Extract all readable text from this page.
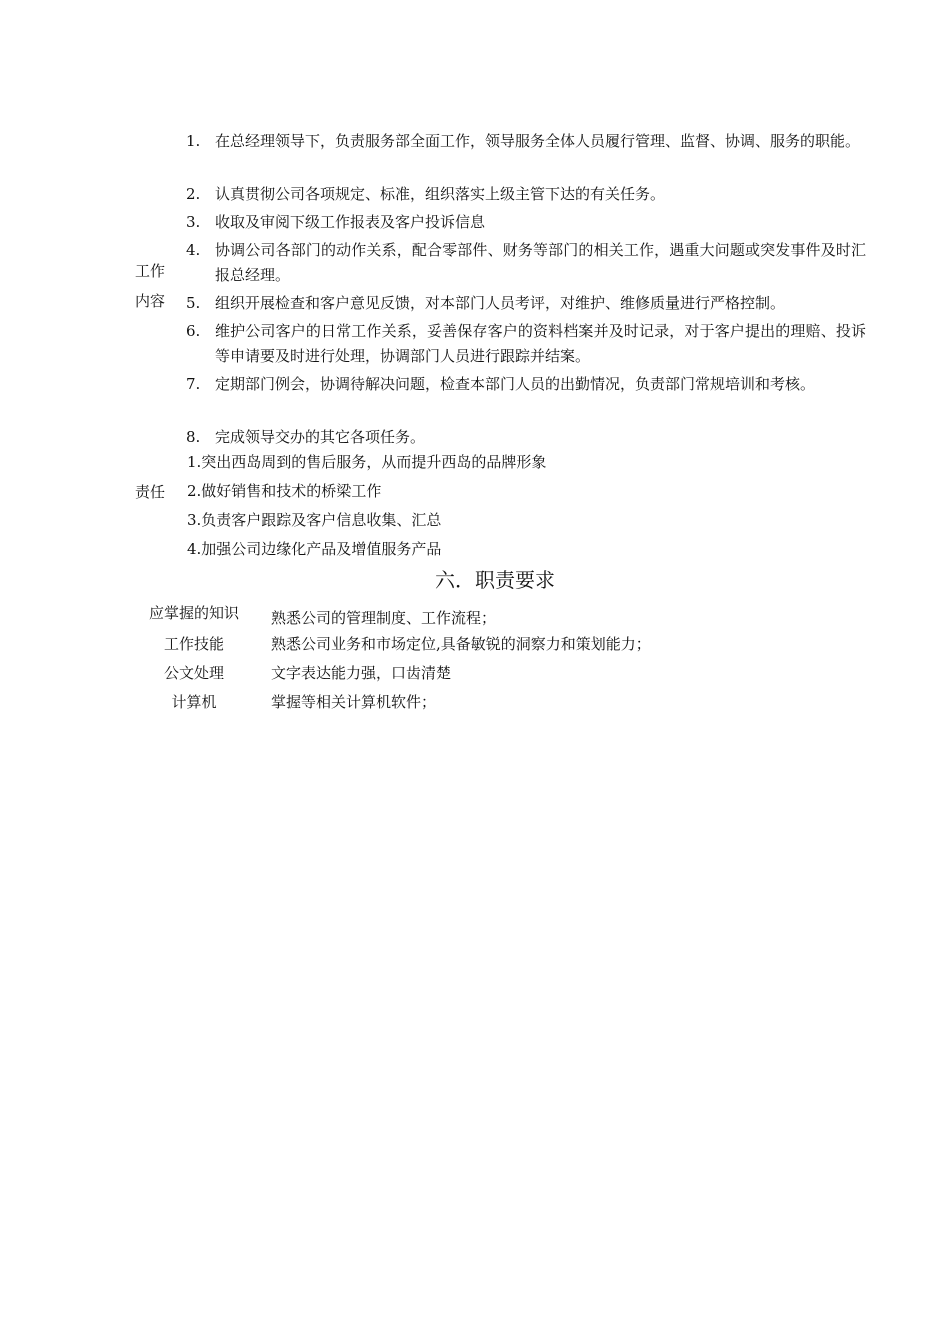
工作
内容
1. 在总经理领导下，负责服务部全面工作，领导服务全体人员履行管理、监督、协调、服务的职能。
2. 认真贯彻公司各项规定、标准，组织落实上级主管下达的有关任务。
3. 收取及审阅下级工作报表及客户投诉信息
4. 协调公司各部门的动作关系，配合零部件、财务等部门的相关工作，遇重大问题或突发事件及时汇报总经理。
5. 组织开展检查和客户意见反馈，对本部门人员考评，对维护、维修质量进行严格控制。
6. 维护公司客户的日常工作关系，妥善保存客户的资料档案并及时记录，对于客户提出的理赔、投诉等申请要及时进行处理，协调部门人员进行跟踪并结案。
7. 定期部门例会，协调待解决问题，检查本部门人员的出勤情况，负责部门常规培训和考核。
8. 完成领导交办的其它各项任务。
责任
1.突出西岛周到的售后服务，从而提升西岛的品牌形象
2.做好销售和技术的桥梁工作
3.负责客户跟踪及客户信息收集、汇总
4.加强公司边缘化产品及增值服务产品
六．职责要求
应掌握的知识	熟悉公司的管理制度、工作流程；
工作技能	熟悉公司业务和市场定位,具备敏锐的洞察力和策划能力；
公文处理	文字表达能力强，口齿清楚
计算机	掌握等相关计算机软件；
